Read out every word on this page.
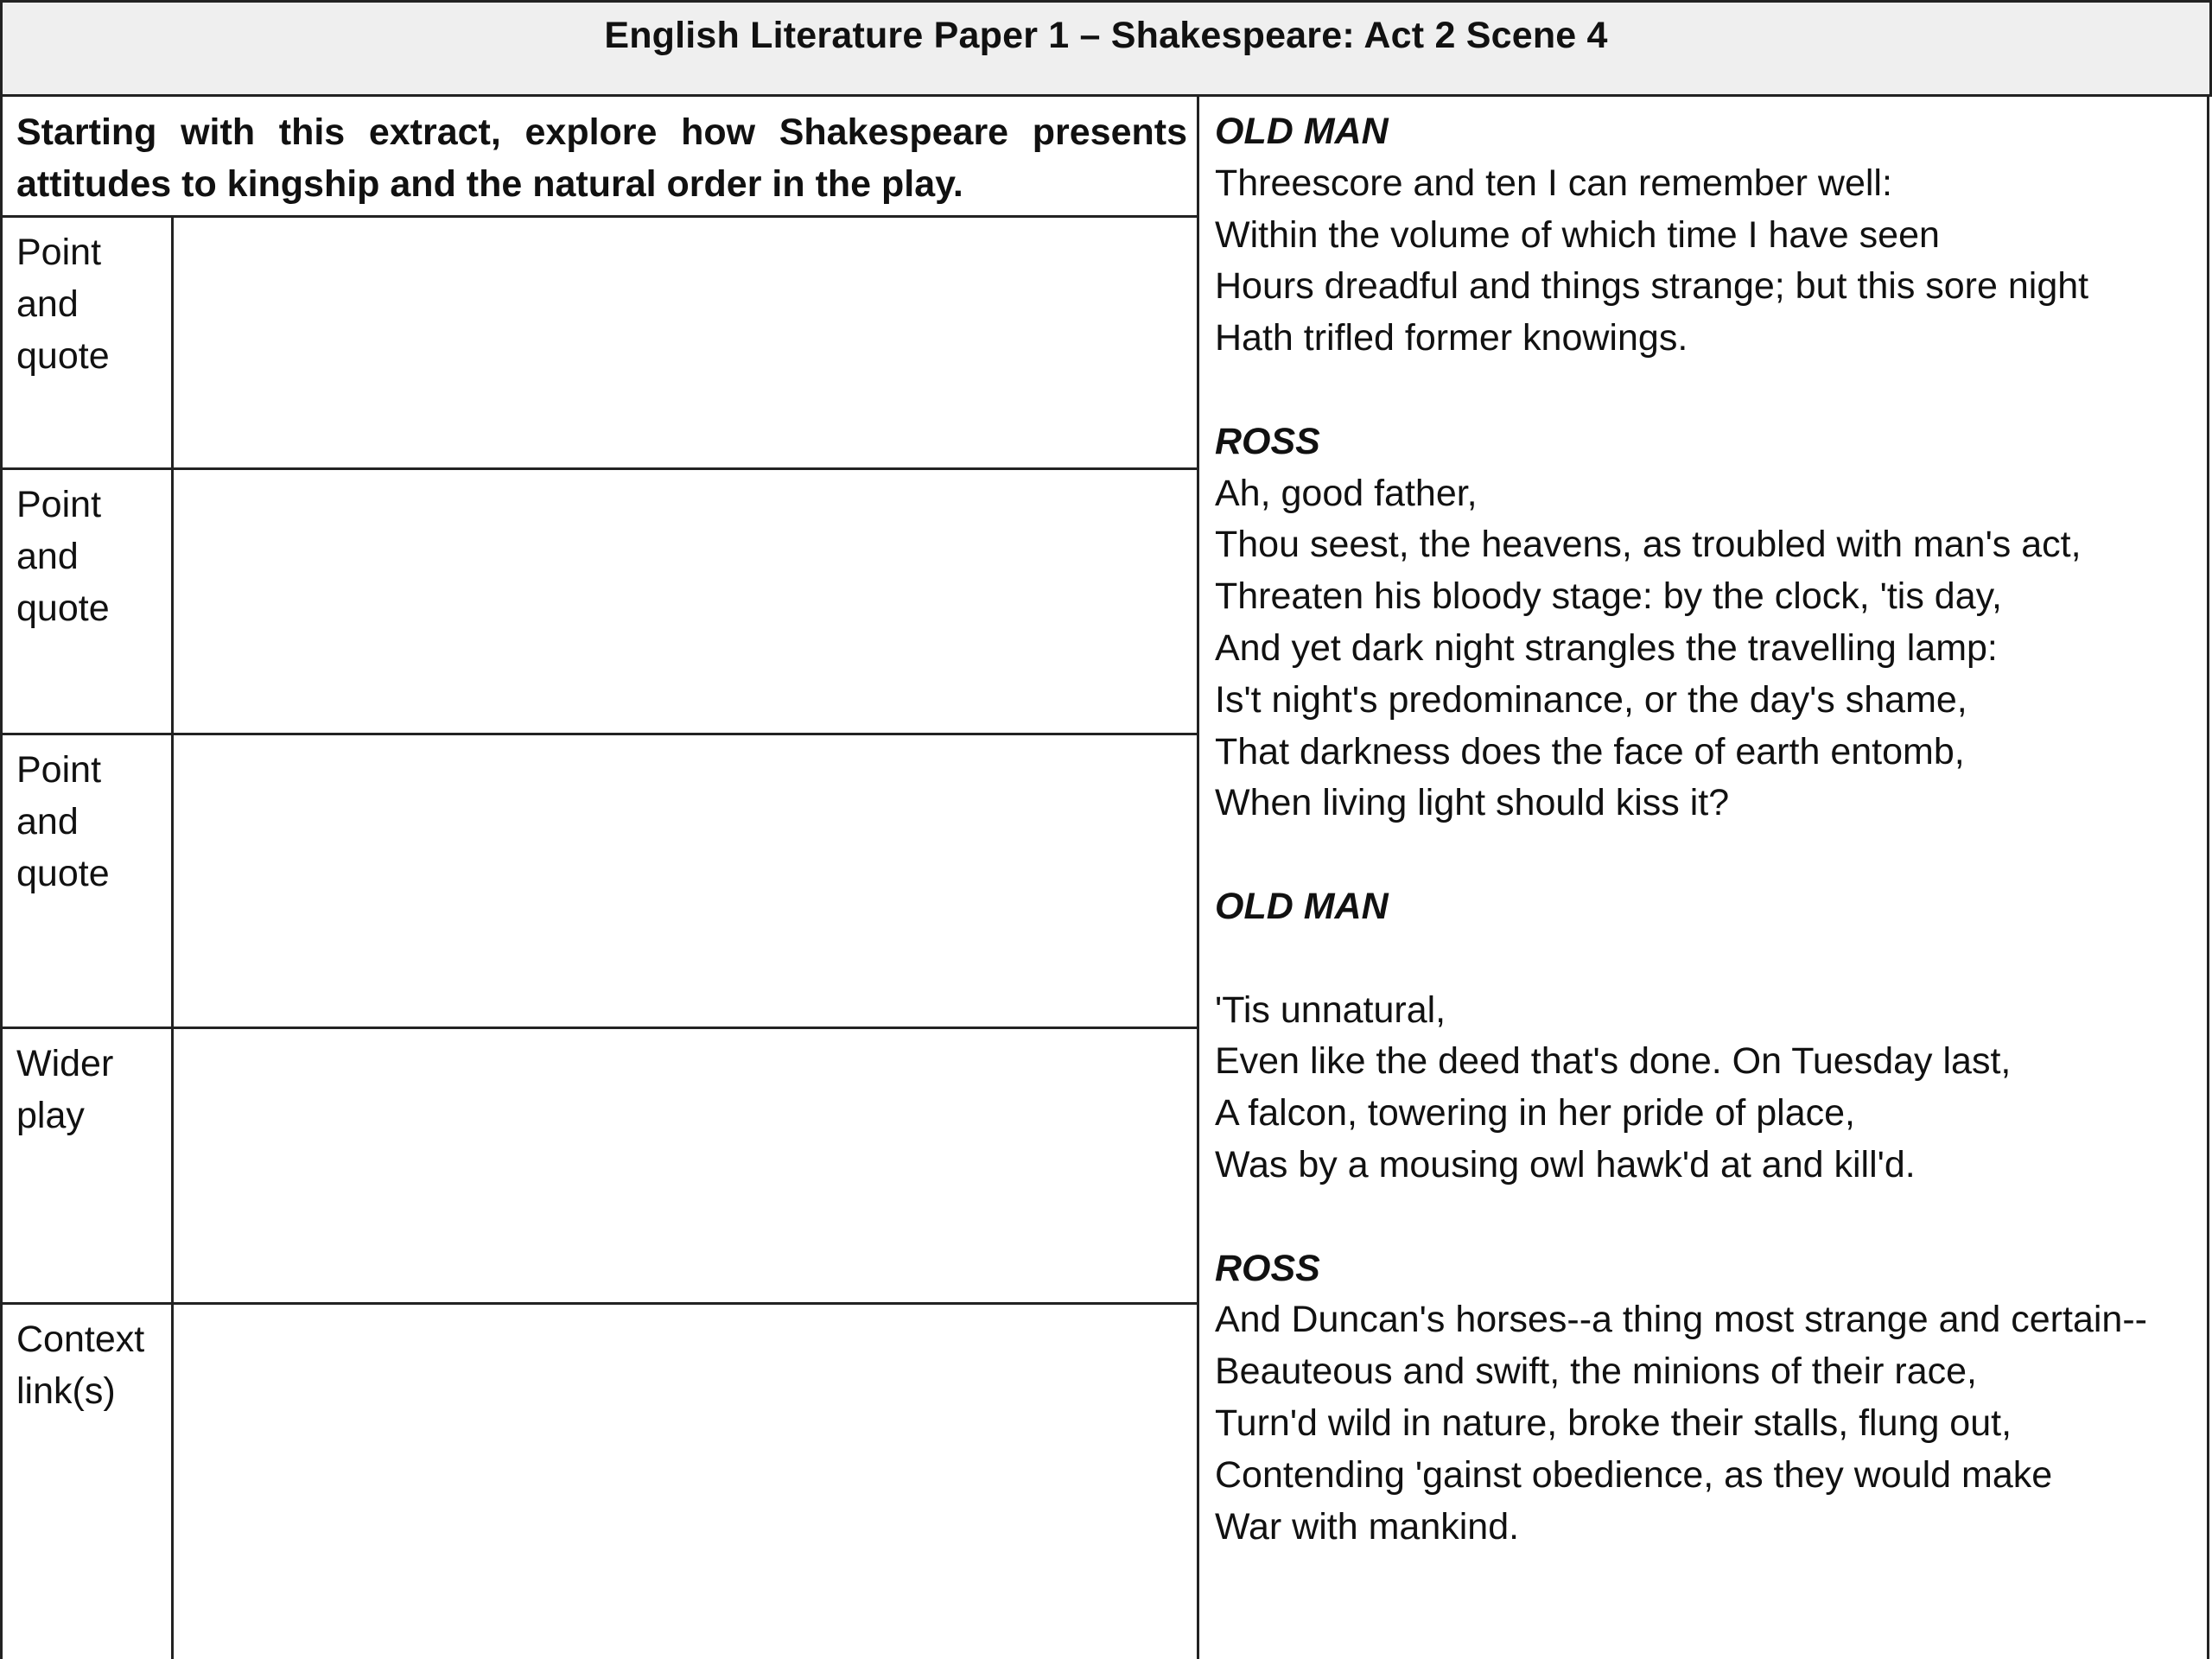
English Literature Paper 1 – Shakespeare: Act 2 Scene 4
Starting with this extract, explore how Shakespeare presents attitudes to kingship and the natural order in the play.
Point and quote
Point and quote
Point and quote
Wider play
Context link(s)
OLD MAN
Threescore and ten I can remember well:
Within the volume of which time I have seen
Hours dreadful and things strange; but this sore night
Hath trifled former knowings.
ROSS
Ah, good father,
Thou seest, the heavens, as troubled with man's act,
Threaten his bloody stage: by the clock, 'tis day,
And yet dark night strangles the travelling lamp:
Is't night's predominance, or the day's shame,
That darkness does the face of earth entomb,
When living light should kiss it?
OLD MAN
'Tis unnatural,
Even like the deed that's done. On Tuesday last,
A falcon, towering in her pride of place,
Was by a mousing owl hawk'd at and kill'd.
ROSS
And Duncan's horses--a thing most strange and certain--
Beauteous and swift, the minions of their race,
Turn'd wild in nature, broke their stalls, flung out,
Contending 'gainst obedience, as they would make
War with mankind.
